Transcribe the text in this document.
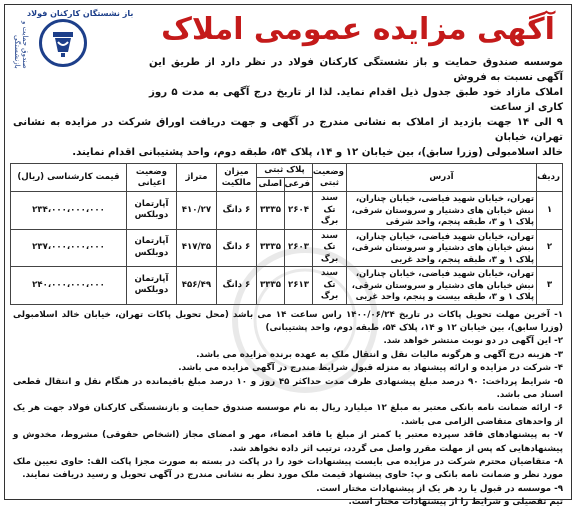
آگهی مزایده عمومی املاک
باز نشستگان کارکنان فولاد
صندوق حمایت و بازنشستگی	موسسه صندوق حمایت و باز نشستگی کارکنان فولاد در نظر دارد از طریق این آگهی نسبت به فروش
املاک مازاد خود طبق جدول ذیل اقدام نماید. لذا از تاریخ درج آگهی به مدت ۵ روز کاری از ساعت
۹ الی ۱۴ جهت بازدید از املاک به نشانی مندرج در آگهی و جهت دریافت اوراق شرکت در مزایده به نشانی تهران، خیابان
خالد اسلامبولی (وزرا سابق)، بین خیابان ۱۲ و ۱۴، پلاک ۵۴، طبقه دوم، واحد پشتیبانی اقدام نمایند.
ردیف	آدرس	وضعیت ثبتی	پلاک ثبتی		میزان مالکیت	متراژ	وضعیت اعیانی	قیمت کارشناسی (ریال)
			فرعی	اصلی				
۱	تهران، خیابان شهید فیاضی، خیابان چناران، نبش خیابان های دشتیار و سروستان شرقی، پلاک ۱ و ۳، طبقه پنجم، واحد شرقی	سند تک برگ	۲۶۰۴	۳۳۳۵	۶ دانگ	۴۱۰/۲۷	آپارتمان دوبلکس	۲۳۴،۰۰۰،۰۰۰،۰۰۰
۲	تهران، خیابان شهید فیاضی، خیابان چناران، نبش خیابان های دشتیار و سروستان شرقی، پلاک ۱ و ۳، طبقه پنجم، واحد غربی	سند تک برگ	۲۶۰۳	۳۳۳۵	۶ دانگ	۴۱۷/۳۵	آپارتمان دوبلکس	۲۳۷،۰۰۰،۰۰۰،۰۰۰
۳	تهران، خیابان شهید فیاضی، خیابان چناران، نبش خیابان های دشتیار و سروستان شرقی، پلاک ۱ و ۳، طبقه بیست و پنجم، واحد غربی	سند تک برگ	۲۶۱۳	۳۳۳۵	۶ دانگ	۴۵۶/۴۹	آپارتمان دوبلکس	۲۴۰،۰۰۰،۰۰۰،۰۰۰

۱- آخرین مهلت تحویل پاکات در تاریخ ۱۴۰۰/۰۶/۲۴ راس ساعت ۱۴ می باشد (محل تحویل پاکات تهران، خیابان خالد اسلامبولی (وزرا سابق)، بین خیابان ۱۲ و ۱۴، پلاک ۵۴، طبقه دوم، واحد پشتیبانی)

۲- این آگهی در دو نوبت منتشر خواهد شد.

۳- هزینه درج آگهی و هرگونه مالیات نقل و انتقال ملک به عهده برنده مزایده می باشد.

۴- شرکت در مزایده و ارائه پیشنهاد به منزله قبول شرایط مندرج در آگهی مزایده می باشد.

۵- شرایط پرداخت: ۹۰ درصد مبلغ پیشنهادی ظرف مدت حداکثر ۴۵ روز و ۱۰ درصد مبلغ باقیمانده در هنگام نقل و انتقال قطعی اسناد می باشد.

۶- ارائه ضمانت نامه بانکی معتبر به مبلغ ۱۲ میلیارد ریال به نام موسسه صندوق حمایت و بازنشستگی کارکنان فولاد جهت هر یک از واحدهای متقاضی الزامی می باشد.

۷- به پیشنهادهای فاقد سپرده معتبر یا کمتر از مبلغ یا فاقد امضاء، مهر و امضای مجاز (اشخاص حقوقی) مشروط، مخدوش و پیشنهادهایی که پس از مهلت مقرر واصل می گردد، ترتیب اثر داده نخواهد شد.

۸- متقاضیان محترم شرکت در مزایده می بایست پیشنهادات خود را در پاکت در بسته به صورت مجزا پاکت الف: حاوی تعیین ملک مورد نظر و ضمانت نامه بانکی و پ: حاوی پیشنهاد قیمت ملک مورد نظر به نشانی مندرج در آگهی تحویل و رسید دریافت نمایند.

۹- موسسه در قبول یا رد هر یک از پیشنهادات مختار است.

تیم تفصیلی و شرایط را از پیشنهادات مختار است.
